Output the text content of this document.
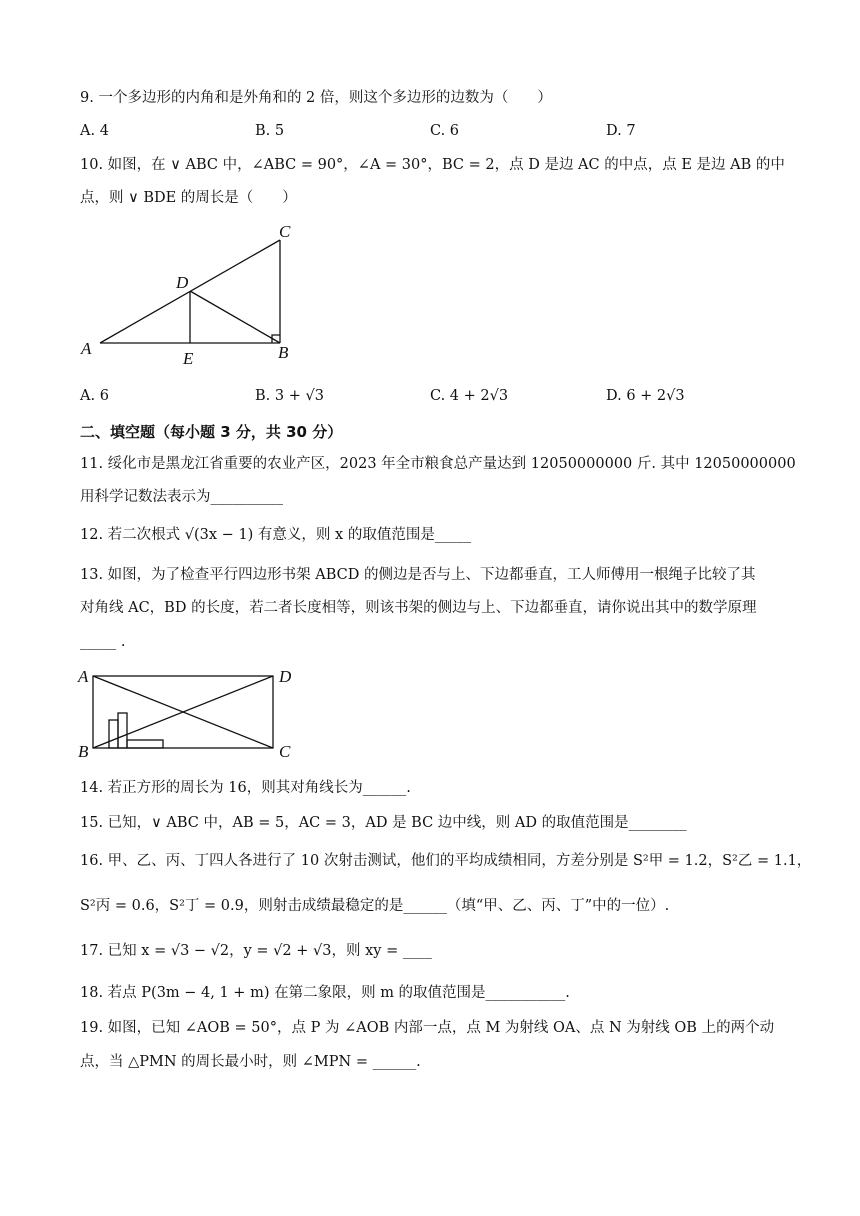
9. 一个多边形的内角和是外角和的 2 倍，则这个多边形的边数为（　　）
A. 4	B. 5	C. 6	D. 7
10. 如图，在 ∨ ABC 中，∠ABC = 90°，∠A = 30°，BC = 2，点 D 是边 AC 的中点，点 E 是边 AB 的中
点，则 ∨ BDE 的周长是（　　）
A	B
C
D
E
A. 6	B. 3 + √3	C. 4 + 2√3	D. 6 + 2√3
二、填空题（每小题 3 分，共 30 分）
11. 绥化市是黑龙江省重要的农业产区，2023 年全市粮食总产量达到 12050000000 斤. 其中 12050000000
用科学记数法表示为__________
12. 若二次根式 √(3x − 1) 有意义，则 x 的取值范围是_____
13. 如图，为了检查平行四边形书架 ABCD 的侧边是否与上、下边都垂直，工人师傅用一根绳子比较了其
对角线 AC，BD 的长度，若二者长度相等，则该书架的侧边与上、下边都垂直，请你说出其中的数学原理
_____ .
A	D
B	C
14. 若正方形的周长为 16，则其对角线长为______.
15. 已知，∨ ABC 中，AB = 5，AC = 3，AD 是 BC 边中线，则 AD 的取值范围是________
16. 甲、乙、丙、丁四人各进行了 10 次射击测试，他们的平均成绩相同，方差分别是 S²甲 = 1.2，S²乙 = 1.1，
S²丙 = 0.6，S²丁 = 0.9，则射击成绩最稳定的是______（填“甲、乙、丙、丁”中的一位）.
17. 已知 x = √3 − √2，y = √2 + √3，则 xy = ____
18. 若点 P(3m − 4, 1 + m) 在第二象限，则 m 的取值范围是___________.
19. 如图，已知 ∠AOB = 50°，点 P 为 ∠AOB 内部一点，点 M 为射线 OA、点 N 为射线 OB 上的两个动
点，当 △PMN 的周长最小时，则 ∠MPN = ______.
